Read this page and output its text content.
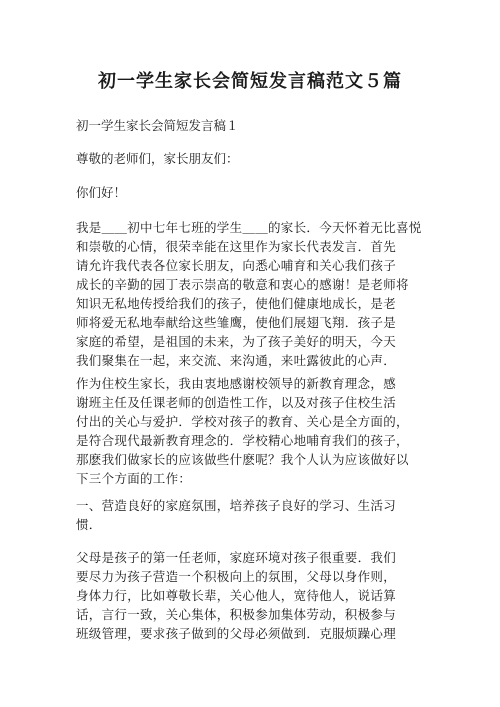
初一学生家长会简短发言稿范文５篇
初一学生家长会简短发言稿１
尊敬的老师们，家长朋友们：
你们好！
我是＿＿初中七年七班的学生＿＿的家长．今天怀着无比喜悦
和崇敬的心情，很荣幸能在这里作为家长代表发言．首先
请允许我代表各位家长朋友，向悉心哺育和关心我们孩子
成长的辛勤的园丁表示崇高的敬意和衷心的感谢！是老师将
知识无私地传授给我们的孩子，使他们健康地成长，是老
师将爱无私地奉献给这些雏鹰，使他们展翅飞翔．孩子是
家庭的希望，是祖国的未来，为了孩子美好的明天，今天
我们聚集在一起，来交流、来沟通，来吐露彼此的心声．
作为住校生家长，我由衷地感谢校领导的新教育理念，感
谢班主任及任课老师的创造性工作，以及对孩子住校生活
付出的关心与爱护．学校对孩子的教育、关心是全方面的，
是符合现代最新教育理念的．学校精心地哺育我们的孩子，
那麽我们做家长的应该做些什麽呢？我个人认为应该做好以
下三个方面的工作：
一、营造良好的家庭氛围，培养孩子良好的学习、生活习
惯．
父母是孩子的第一任老师，家庭环境对孩子很重要．我们
要尽力为孩子营造一个积极向上的氛围，父母以身作则，
身体力行，比如尊敬长辈，关心他人，宽待他人，说话算
话，言行一致，关心集体，积极参加集体劳动，积极参与
班级管理，要求孩子做到的父母必须做到．克服烦躁心理
